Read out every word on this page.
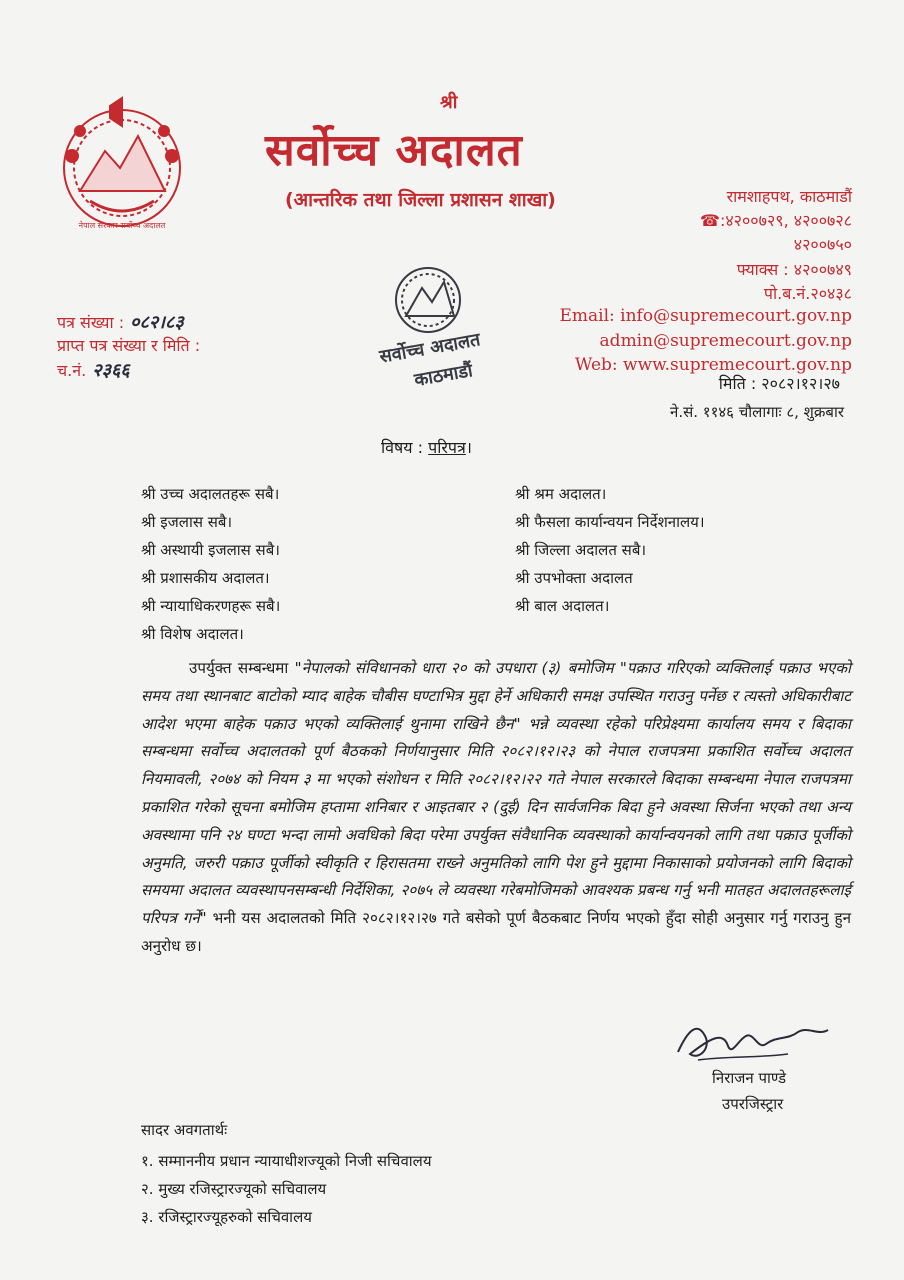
नेपाल सरकार सर्वोच्च अदालत
श्री
सर्वोच्च अदालत
(आन्तरिक तथा जिल्ला प्रशासन शाखा)	रामशाहपथ, काठमाडौं
☎:४२००७२९, ४२००७२८
४२००७५०
फ्याक्स : ४२००७४९
पो.ब.नं.२०४३८
Email: info@supremecourt.gov.np
admin@supremecourt.gov.np
Web: www.supremecourt.gov.np
पत्र संख्या : ०८२।८३
प्राप्त पत्र संख्या र मिति :
च.नं. २३६६
सर्वोच्च अदालत
काठमाडौं	मिति : २०८२।१२।२७
ने.सं. ११४६ चौलागाः ८, शुक्रबार
विषय : परिपत्र।
श्री उच्च अदालतहरू सबै।
श्री इजलास सबै।
श्री अस्थायी इजलास सबै।
श्री प्रशासकीय अदालत।
श्री न्यायाधिकरणहरू सबै।
श्री विशेष अदालत।
श्री श्रम अदालत।
श्री फैसला कार्यान्वयन निर्देशनालय।
श्री जिल्ला अदालत सबै।
श्री उपभोक्ता अदालत
श्री बाल अदालत।
उपर्युक्त सम्बन्धमा "नेपालको संविधानको धारा २० को उपधारा (३) बमोजिम "पक्राउ गरिएको व्यक्तिलाई पक्राउ भएको समय तथा स्थानबाट बाटोको म्याद बाहेक चौबीस घण्टाभित्र मुद्दा हेर्ने अधिकारी समक्ष उपस्थित गराउनु पर्नेछ र त्यस्तो अधिकारीबाट आदेश भएमा बाहेक पक्राउ भएको व्यक्तिलाई थुनामा राखिने छैन" भन्ने व्यवस्था रहेको परिप्रेक्ष्यमा कार्यालय समय र बिदाका सम्बन्धमा सर्वोच्च अदालतको पूर्ण बैठकको निर्णयानुसार मिति २०८२।१२।२३ को नेपाल राजपत्रमा प्रकाशित सर्वोच्च अदालत नियमावली, २०७४ को नियम ३ मा भएको संशोधन र मिति २०८२।१२।२२ गते नेपाल सरकारले बिदाका सम्बन्धमा नेपाल राजपत्रमा प्रकाशित गरेको सूचना बमोजिम हप्तामा शनिबार र आइतबार २ (दुई) दिन सार्वजनिक बिदा हुने अवस्था सिर्जना भएको तथा अन्य अवस्थामा पनि २४ घण्टा भन्दा लामो अवधिको बिदा परेमा उपर्युक्त संवैधानिक व्यवस्थाको कार्यान्वयनको लागि तथा पक्राउ पूर्जीको अनुमति, जरुरी पक्राउ पूर्जीको स्वीकृति र हिरासतमा राख्ने अनुमतिको लागि पेश हुने मुद्दामा निकासाको प्रयोजनको लागि बिदाको समयमा अदालत व्यवस्थापनसम्बन्धी निर्देशिका, २०७५ ले व्यवस्था गरेबमोजिमको आवश्यक प्रबन्ध गर्नु भनी मातहत अदालतहरूलाई परिपत्र गर्ने" भनी यस अदालतको मिति २०८२।१२।२७ गते बसेको पूर्ण बैठकबाट निर्णय भएको हुँदा सोही अनुसार गर्नु गराउनु हुन अनुरोध छ।
निराजन पाण्डे
उपरजिस्ट्रार
सादर अवगतार्थः
१. सम्माननीय प्रधान न्यायाधीशज्यूको निजी सचिवालय
२. मुख्य रजिस्ट्रारज्यूको सचिवालय
३. रजिस्ट्रारज्यूहरुको सचिवालय
